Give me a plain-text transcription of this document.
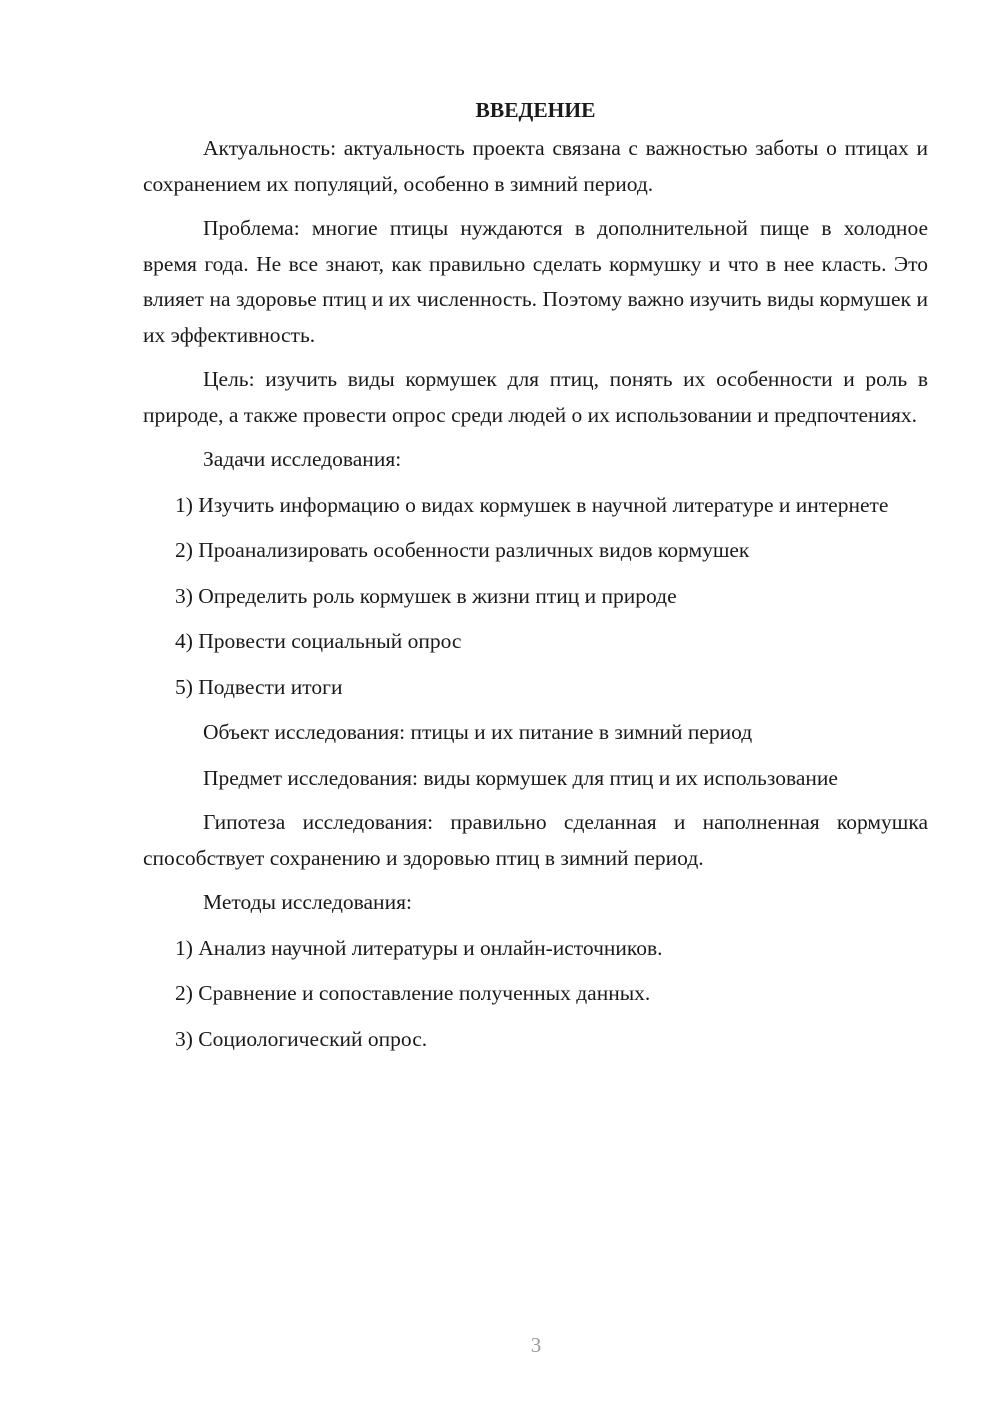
ВВЕДЕНИЕ

Актуальность: актуальность проекта связана с важностью заботы о птицах и сохранением их популяций, особенно в зимний период.

Проблема: многие птицы нуждаются в дополнительной пище в холодное время года. Не все знают, как правильно сделать кормушку и что в нее класть. Это влияет на здоровье птиц и их численность. Поэтому важно изучить виды кормушек и их эффективность.

Цель: изучить виды кормушек для птиц, понять их особенности и роль в природе, а также провести опрос среди людей о их использовании и предпочтениях.

Задачи исследования:

1) Изучить информацию о видах кормушек в научной литературе и интернете

2) Проанализировать особенности различных видов кормушек

3) Определить роль кормушек в жизни птиц и природе

4) Провести социальный опрос

5) Подвести итоги

Объект исследования: птицы и их питание в зимний период

Предмет исследования: виды кормушек для птиц и их использование

Гипотеза исследования: правильно сделанная и наполненная кормушка способствует сохранению и здоровью птиц в зимний период.

Методы исследования:

1) Анализ научной литературы и онлайн-источников.

2) Сравнение и сопоставление полученных данных.

3) Социологический опрос.

3
